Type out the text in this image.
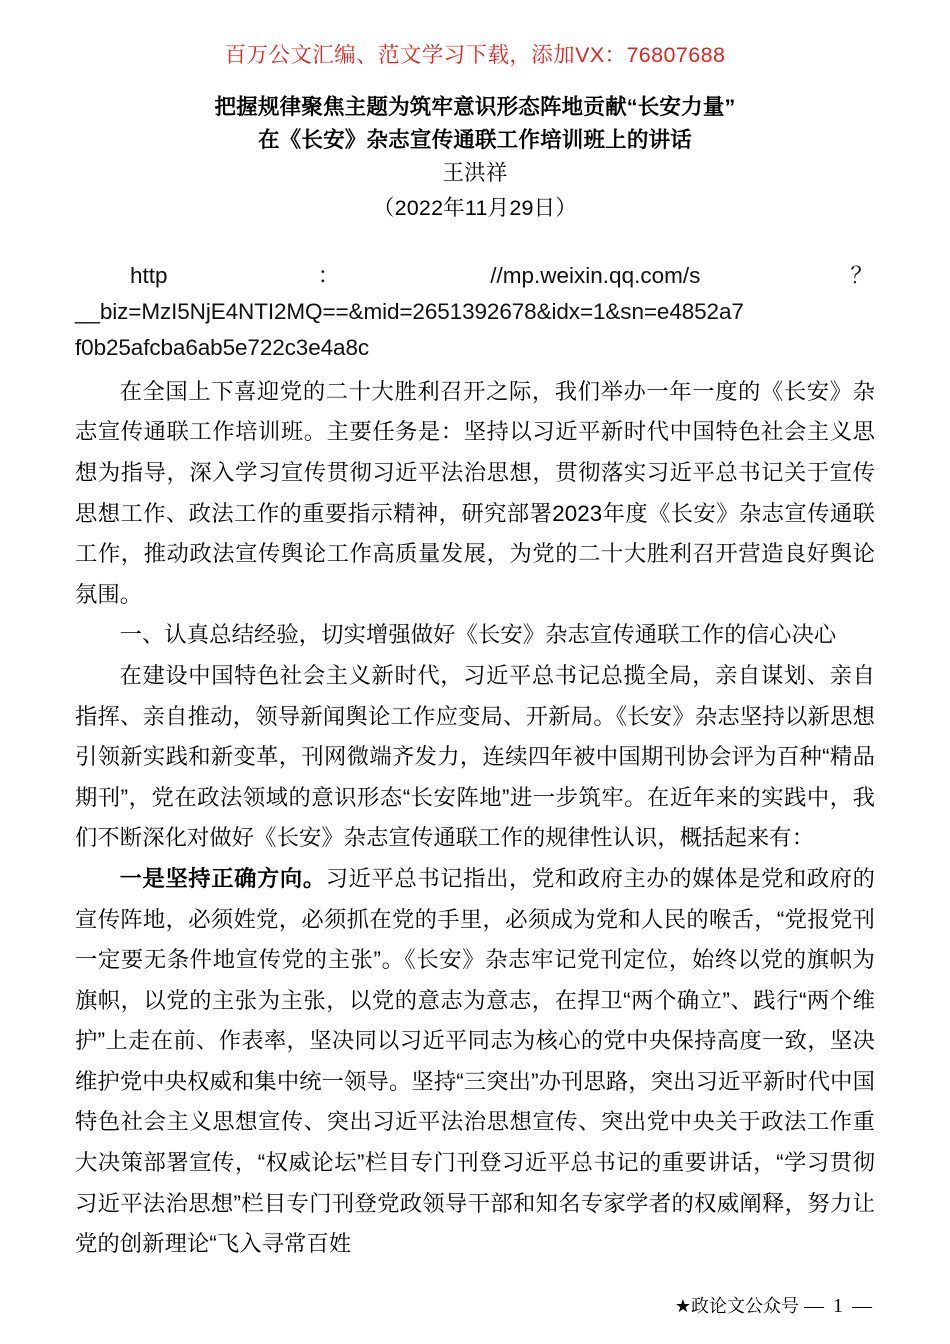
百万公文汇编、范文学习下载，添加VX：76807688
把握规律聚焦主题为筑牢意识形态阵地贡献“长安力量”
在《长安》杂志宣传通联工作培训班上的讲话
王洪祥
（2022年11月29日）
http	：	//mp.weixin.qq.com/s	？
__biz=MzI5NjE4NTI2MQ==&mid=2651392678&idx=1&sn=e4852a7
f0b25afcba6ab5e722c3e4a8c

在全国上下喜迎党的二十大胜利召开之际，我们举办一年一度的《长安》杂志宣传通联工作培训班。主要任务是：坚持以习近平新时代中国特色社会主义思想为指导，深入学习宣传贯彻习近平法治思想，贯彻落实习近平总书记关于宣传思想工作、政法工作的重要指示精神，研究部署2023年度《长安》杂志宣传通联工作，推动政法宣传舆论工作高质量发展，为党的二十大胜利召开营造良好舆论氛围。

一、认真总结经验，切实增强做好《长安》杂志宣传通联工作的信心决心

在建设中国特色社会主义新时代，习近平总书记总揽全局，亲自谋划、亲自指挥、亲自推动，领导新闻舆论工作应变局、开新局。《长安》杂志坚持以新思想引领新实践和新变革，刊网微端齐发力，连续四年被中国期刊协会评为百种“精品期刊”，党在政法领域的意识形态“长安阵地”进一步筑牢。在近年来的实践中，我们不断深化对做好《长安》杂志宣传通联工作的规律性认识，概括起来有：

一是坚持正确方向。习近平总书记指出，党和政府主办的媒体是党和政府的宣传阵地，必须姓党，必须抓在党的手里，必须成为党和人民的喉舌，“党报党刊一定要无条件地宣传党的主张”。《长安》杂志牢记党刊定位，始终以党的旗帜为旗帜，以党的主张为主张，以党的意志为意志，在捍卫“两个确立”、践行“两个维护”上走在前、作表率，坚决同以习近平同志为核心的党中央保持高度一致，坚决维护党中央权威和集中统一领导。坚持“三突出”办刊思路，突出习近平新时代中国特色社会主义思想宣传、突出习近平法治思想宣传、突出党中央关于政法工作重大决策部署宣传，“权威论坛”栏目专门刊登习近平总书记的重要讲话，“学习贯彻习近平法治思想”栏目专门刊登党政领导干部和知名专家学者的权威阐释，努力让党的创新理论“飞入寻常百姓

★政论文公众号 — 1 —
